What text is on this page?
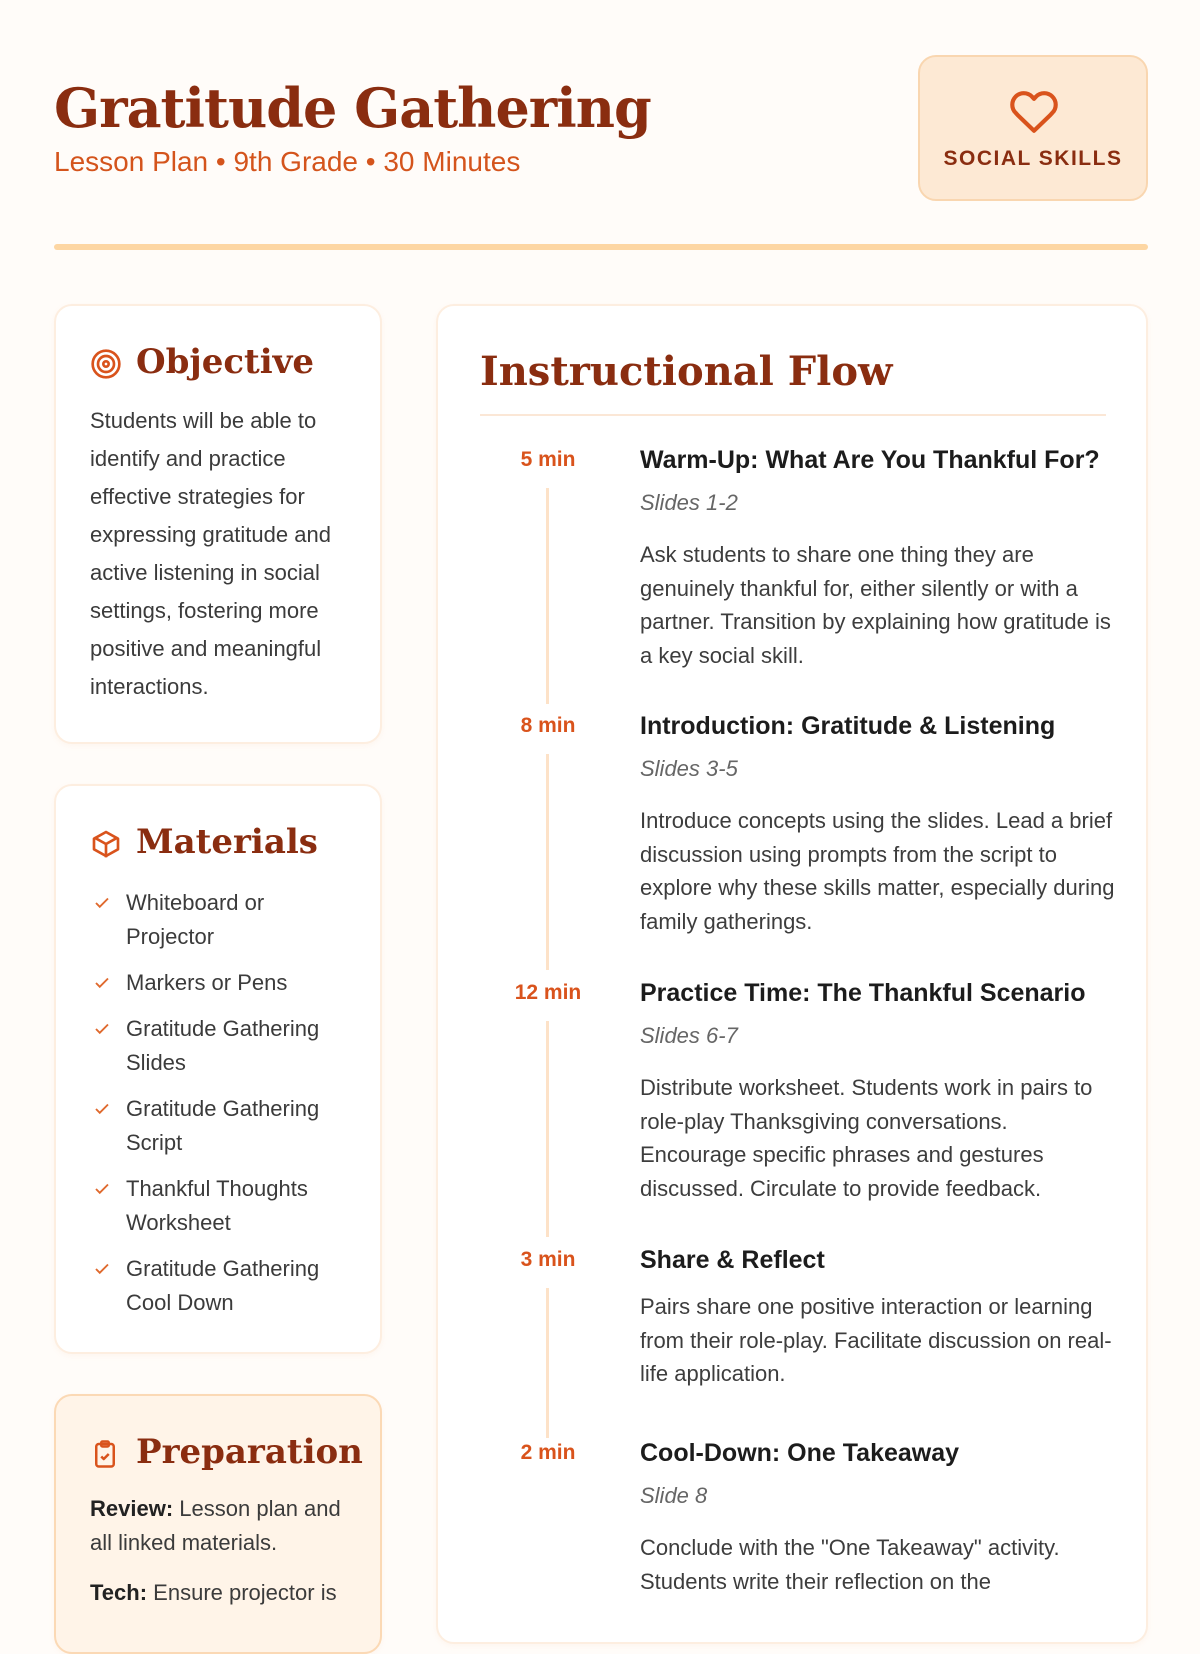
Gratitude Gathering
Lesson Plan • 9th Grade • 30 Minutes	SOCIAL SKILLS
Objective
Students will be able to identify and practice effective strategies for expressing gratitude and active listening in social settings, fostering more positive and meaningful interactions.
Materials
Whiteboard or Projector
Markers or Pens
Gratitude Gathering Slides
Gratitude Gathering Script
Thankful Thoughts Worksheet
Gratitude Gathering Cool Down
Preparation
Review: Lesson plan and all linked materials.
Tech: Ensure projector is
Instructional Flow
5 min	Warm-Up: What Are You Thankful For?
Slides 1-2
Ask students to share one thing they are genuinely thankful for, either silently or with a partner. Transition by explaining how gratitude is a key social skill.
8 min	Introduction: Gratitude & Listening
Slides 3-5
Introduce concepts using the slides. Lead a brief discussion using prompts from the script to explore why these skills matter, especially during family gatherings.
12 min	Practice Time: The Thankful Scenario
Slides 6-7
Distribute worksheet. Students work in pairs to role-play Thanksgiving conversations. Encourage specific phrases and gestures discussed. Circulate to provide feedback.
3 min	Share & Reflect
Pairs share one positive interaction or learning from their role-play. Facilitate discussion on real-life application.
2 min	Cool-Down: One Takeaway
Slide 8
Conclude with the "One Takeaway" activity. Students write their reflection on the
